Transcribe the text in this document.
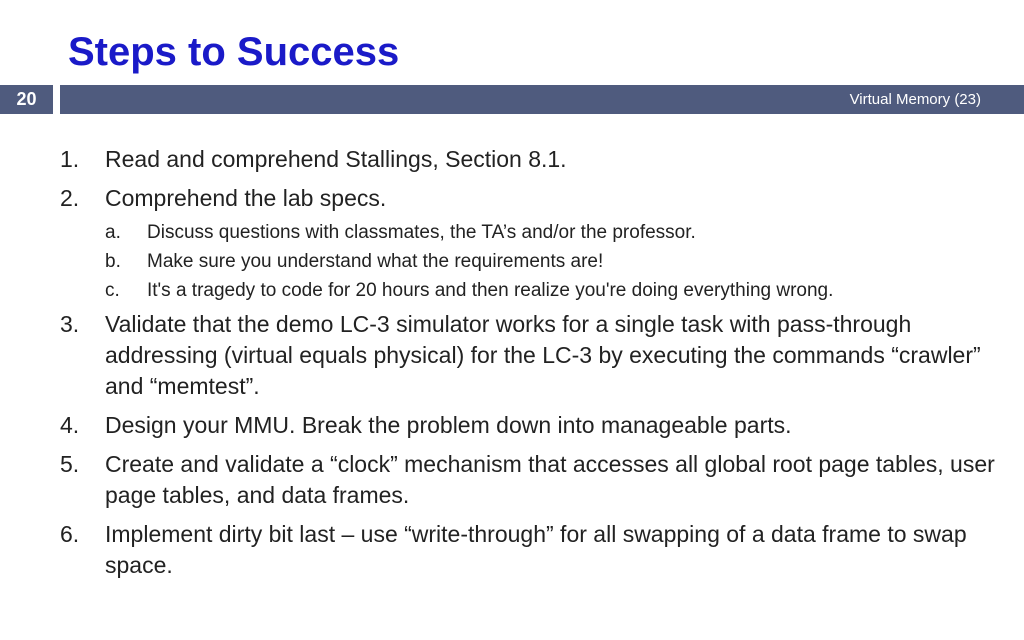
Steps to Success
20	Virtual Memory (23)
1.	Read and comprehend Stallings, Section 8.1.
2.	Comprehend the lab specs.
a.	Discuss questions with classmates, the TA’s and/or the professor.
b.	Make sure you understand what the requirements are!
c.	It's a tragedy to code for 20 hours and then realize you're doing everything wrong.
3.	Validate that the demo LC-3 simulator works for a single task with pass-through addressing (virtual equals physical) for the LC-3 by executing the commands “crawler” and “memtest”.
4.	Design your MMU. Break the problem down into manageable parts.
5.	Create and validate a “clock” mechanism that accesses all global root page tables, user page tables, and data frames.
6.	Implement dirty bit last – use “write-through” for all swapping of a data frame to swap space.
